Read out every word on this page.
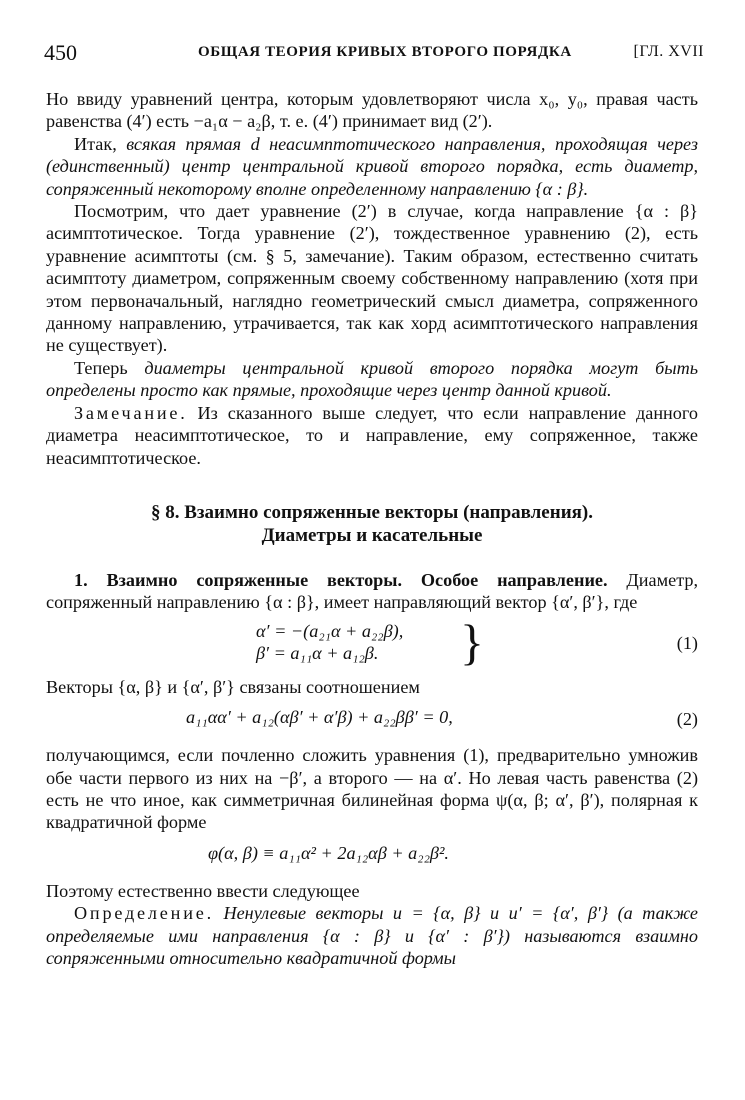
450	ОБЩАЯ ТЕОРИЯ КРИВЫХ ВТОРОГО ПОРЯДКА	[ГЛ. XVII

Но ввиду уравнений центра, которым удовлетворяют числа x₀, y₀, правая часть равенства (4′) есть −a₁α − a₂β, т. е. (4′) принимает вид (2′).

Итак, всякая прямая d неасимптотического направления, проходящая через (единственный) центр центральной кривой второго порядка, есть диаметр, сопряженный некоторому вполне определенному направлению {α : β}.

Посмотрим, что дает уравнение (2′) в случае, когда направление {α : β} асимптотическое. Тогда уравнение (2′), тождественное уравнению (2), есть уравнение асимптоты (см. § 5, замечание). Таким образом, естественно считать асимптоту диаметром, сопряженным своему собственному направлению (хотя при этом первоначальный, наглядно геометрический смысл диаметра, сопряженного данному направлению, утрачивается, так как хорд асимптотического направления не существует).

Теперь диаметры центральной кривой второго порядка могут быть определены просто как прямые, проходящие через центр данной кривой.

Замечание. Из сказанного выше следует, что если направление данного диаметра неасимптотическое, то и направление, ему сопряженное, также неасимптотическое.

§ 8. Взаимно сопряженные векторы (направления).
Диаметры и касательные

1. Взаимно сопряженные векторы. Особое направление. Диаметр, сопряженный направлению {α : β}, имеет направляющий вектор {α′, β′}, где

α′ = −(a₂₁α + a₂₂β),
β′ = a₁₁α + a₁₂β.	}	(1)

Векторы {α, β} и {α′, β′} связаны соотношением

a₁₁αα′ + a₁₂(αβ′ + α′β) + a₂₂ββ′ = 0,	(2)

получающимся, если почленно сложить уравнения (1), предварительно умножив обе части первого из них на −β′, а второго — на α′. Но левая часть равенства (2) есть не что иное, как симметричная билинейная форма ψ(α, β; α′, β′), полярная к квадратичной форме

φ(α, β) ≡ a₁₁α² + 2a₁₂αβ + a₂₂β².

Поэтому естественно ввести следующее

Определение. Ненулевые векторы u = {α, β} и u′ = {α′, β′} (а также определяемые ими направления {α : β} и {α′ : β′}) называются взаимно сопряженными относительно квадратичной формы
